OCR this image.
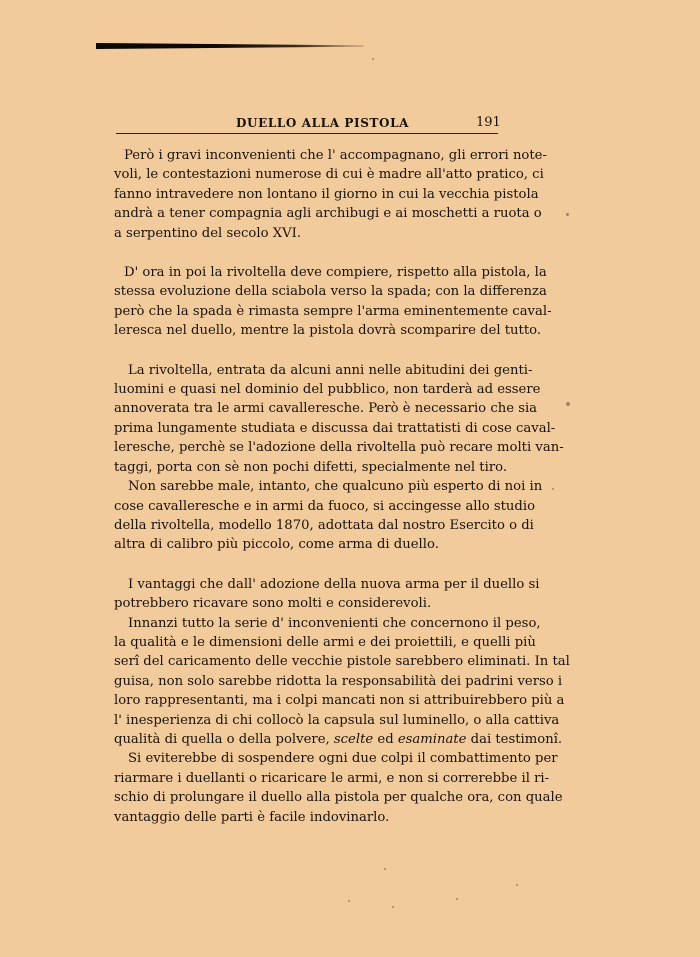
DUELLO ALLA PISTOLA	191
Però i gravi inconvenienti che l' accompagnano, gli errori note-
voli, le contestazioni numerose di cui è madre all'atto pratico, ci
fanno intravedere non lontano il giorno in cui la vecchia pistola
andrà a tener compagnia agli archibugi e ai moschetti a ruota o
a serpentino del secolo XVI.
D' ora in poi la rivoltella deve compiere, rispetto alla pistola, la
stessa evoluzione della sciabola verso la spada; con la differenza
però che la spada è rimasta sempre l'arma eminentemente caval-
leresca nel duello, mentre la pistola dovrà scomparire del tutto.
La rivoltella, entrata da alcuni anni nelle abitudini dei genti-
luomini e quasi nel dominio del pubblico, non tarderà ad essere
annoverata tra le armi cavalleresche. Però è necessario che sia
prima lungamente studiata e discussa dai trattatisti di cose caval-
leresche, perchè se l'adozione della rivoltella può recare molti van-
taggi, porta con sè non pochi difetti, specialmente nel tiro.
Non sarebbe male, intanto, che qualcuno più esperto di noi in
cose cavalleresche e in armi da fuoco, si accingesse allo studio
della rivoltella, modello 1870, adottata dal nostro Esercito o di
altra di calibro più piccolo, come arma di duello.
I vantaggi che dall' adozione della nuova arma per il duello si
potrebbero ricavare sono molti e considerevoli.
Innanzi tutto la serie d' inconvenienti che concernono il peso,
la qualità e le dimensioni delle armi e dei proiettili, e quelli più
serî del caricamento delle vecchie pistole sarebbero eliminati. In tal
guisa, non solo sarebbe ridotta la responsabilità dei padrini verso i
loro rappresentanti, ma i colpi mancati non si attribuirebbero più a
l' inesperienza di chi collocò la capsula sul luminello, o alla cattiva
qualità di quella o della polvere, scelte ed esaminate dai testimonî.
Si eviterebbe di sospendere ogni due colpi il combattimento per
riarmare i duellanti o ricaricare le armi, e non si correrebbe il ri-
schio di prolungare il duello alla pistola per qualche ora, con quale
vantaggio delle parti è facile indovinarlo.
